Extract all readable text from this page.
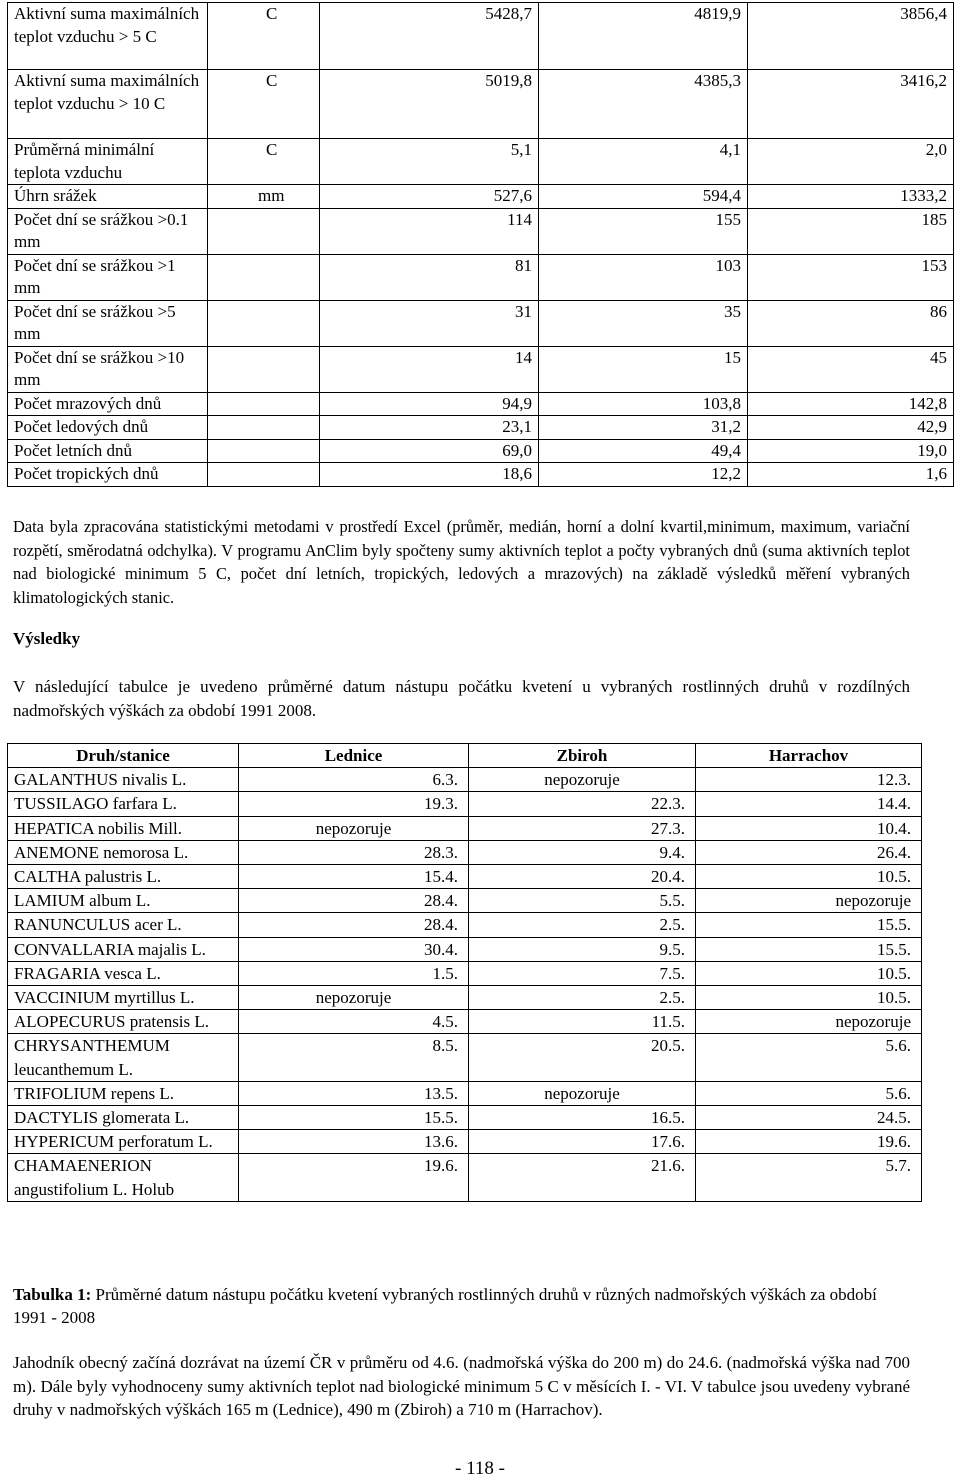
Aktivní suma maximálních teplot vzduchu > 5 C	C	5428,7	4819,9	3856,4
Aktivní suma maximálních teplot vzduchu > 10 C	C	5019,8	4385,3	3416,2
Průměrná minimální teplota vzduchu	C	5,1	4,1	2,0
Úhrn srážek	mm	527,6	594,4	1333,2
Počet dní se srážkou >0.1 mm		114	155	185
Počet dní se srážkou >1 mm		81	103	153
Počet dní se srážkou >5 mm		31	35	86
Počet dní se srážkou >10 mm		14	15	45
Počet mrazových dnů		94,9	103,8	142,8
Počet ledových dnů		23,1	31,2	42,9
Počet letních dnů		69,0	49,4	19,0
Počet tropických dnů		18,6	12,2	1,6

Data byla zpracována statistickými metodami v prostředí Excel (průměr, medián, horní a dolní kvartil,minimum, maximum, variační rozpětí, směrodatná odchylka). V programu AnClim byly spočteny sumy aktivních teplot a počty vybraných dnů (suma aktivních teplot nad biologické minimum 5 C, počet dní letních, tropických, ledových a mrazových) na základě výsledků měření vybraných klimatologických stanic.

Výsledky

V následující tabulce je uvedeno průměrné datum nástupu počátku kvetení u vybraných rostlinných druhů v rozdílných nadmořských výškách za období 1991 2008.

Druh/stanice	Lednice	Zbiroh	Harrachov
GALANTHUS nivalis L.	6.3.	nepozoruje	12.3.
TUSSILAGO farfara L.	19.3.	22.3.	14.4.
HEPATICA nobilis Mill.	nepozoruje	27.3.	10.4.
ANEMONE nemorosa L.	28.3.	9.4.	26.4.
CALTHA palustris L.	15.4.	20.4.	10.5.
LAMIUM album L.	28.4.	5.5.	nepozoruje
RANUNCULUS acer L.	28.4.	2.5.	15.5.
CONVALLARIA majalis L.	30.4.	9.5.	15.5.
FRAGARIA vesca L.	1.5.	7.5.	10.5.
VACCINIUM myrtillus L.	nepozoruje	2.5.	10.5.
ALOPECURUS pratensis L.	4.5.	11.5.	nepozoruje
CHRYSANTHEMUM leucanthemum L.	8.5.	20.5.	5.6.
TRIFOLIUM repens L.	13.5.	nepozoruje	5.6.
DACTYLIS glomerata L.	15.5.	16.5.	24.5.
HYPERICUM perforatum L.	13.6.	17.6.	19.6.
CHAMAENERION angustifolium L. Holub	19.6.	21.6.	5.7.

Tabulka 1: Průměrné datum nástupu počátku kvetení vybraných rostlinných druhů v různých nadmořských výškách za období 1991 - 2008

Jahodník obecný začíná dozrávat na území ČR v průměru od 4.6. (nadmořská výška do 200 m) do 24.6. (nadmořská výška nad 700 m). Dále byly vyhodnoceny sumy aktivních teplot nad biologické minimum 5 C v měsících I. - VI. V tabulce jsou uvedeny vybrané druhy v nadmořských výškách 165 m (Lednice), 490 m (Zbiroh) a 710 m (Harrachov).

- 118 -
